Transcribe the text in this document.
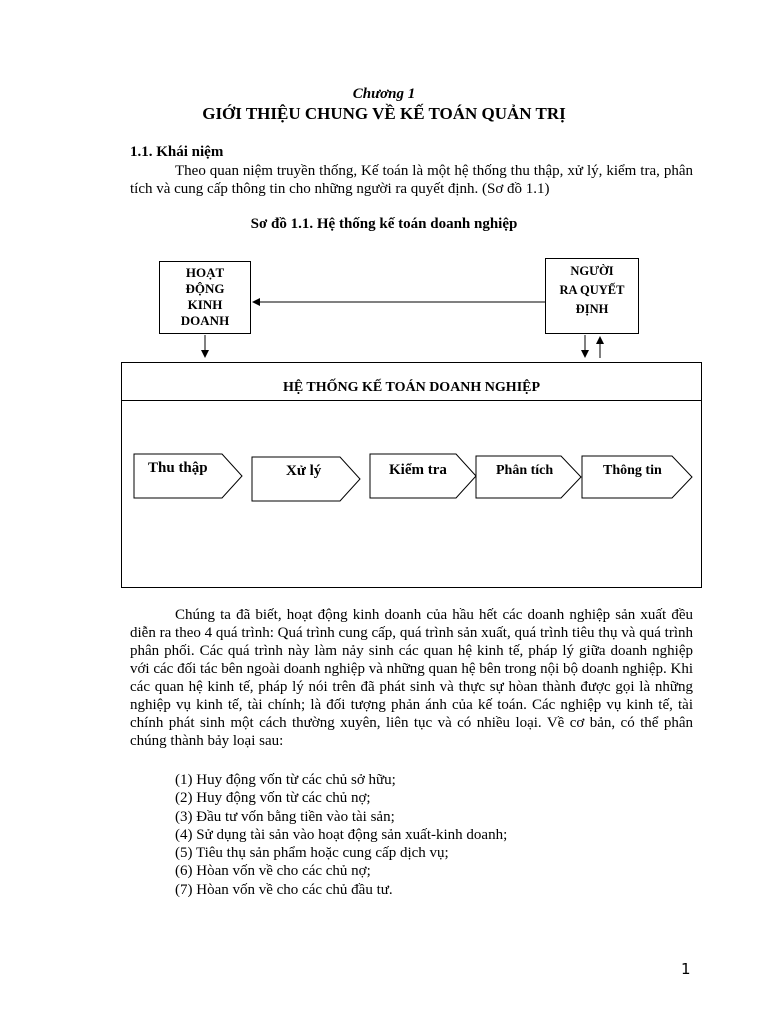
Chương 1
GIỚI THIỆU CHUNG VỀ KẾ TOÁN QUẢN TRỊ
1.1. Khái niệm
Theo quan niệm truyền thống, Kế toán là một hệ thống thu thập, xử lý, kiểm tra, phân tích và cung cấp thông tin cho những người ra quyết định. (Sơ đồ 1.1)
Sơ đồ 1.1. Hệ thống kế toán doanh nghiệp
HOẠT
ĐỘNG
KINH
DOANH
NGƯỜI
RA QUYẾT
ĐỊNH
HỆ THỐNG KẾ TOÁN DOANH NGHIỆP
Thu thập	Xử lý	Kiểm tra	Phân tích	Thông tin
Chúng ta đã biết, hoạt động kinh doanh của hầu hết các doanh nghiệp sản xuất đều diễn ra theo 4 quá trình: Quá trình cung cấp, quá trình sản xuất, quá trình tiêu thụ và quá trình phân phối. Các quá trình này làm nảy sinh các quan hệ kinh tế, pháp lý giữa doanh nghiệp với các đối tác bên ngoài doanh nghiệp và những quan hệ bên trong nội bộ doanh nghiệp. Khi các quan hệ kinh tế, pháp lý nói trên đã phát sinh và thực sự hòan thành được gọi là những nghiệp vụ kinh tế, tài chính; là đối tượng phản ánh của kế toán. Các nghiệp vụ kinh tế, tài chính phát sinh một cách thường xuyên, liên tục và có nhiều loại. Về cơ bản, có thể phân chúng thành bảy loại sau:
(1) Huy động vốn từ các chủ sở hữu;
(2) Huy động vốn từ các chủ nợ;
(3) Đầu tư vốn bằng tiền vào tài sản;
(4) Sử dụng tài sản vào hoạt động sản xuất-kinh doanh;
(5) Tiêu thụ sản phẩm hoặc cung cấp dịch vụ;
(6) Hòan vốn về cho các chủ nợ;
(7) Hòan vốn về cho các chủ đầu tư.
1
